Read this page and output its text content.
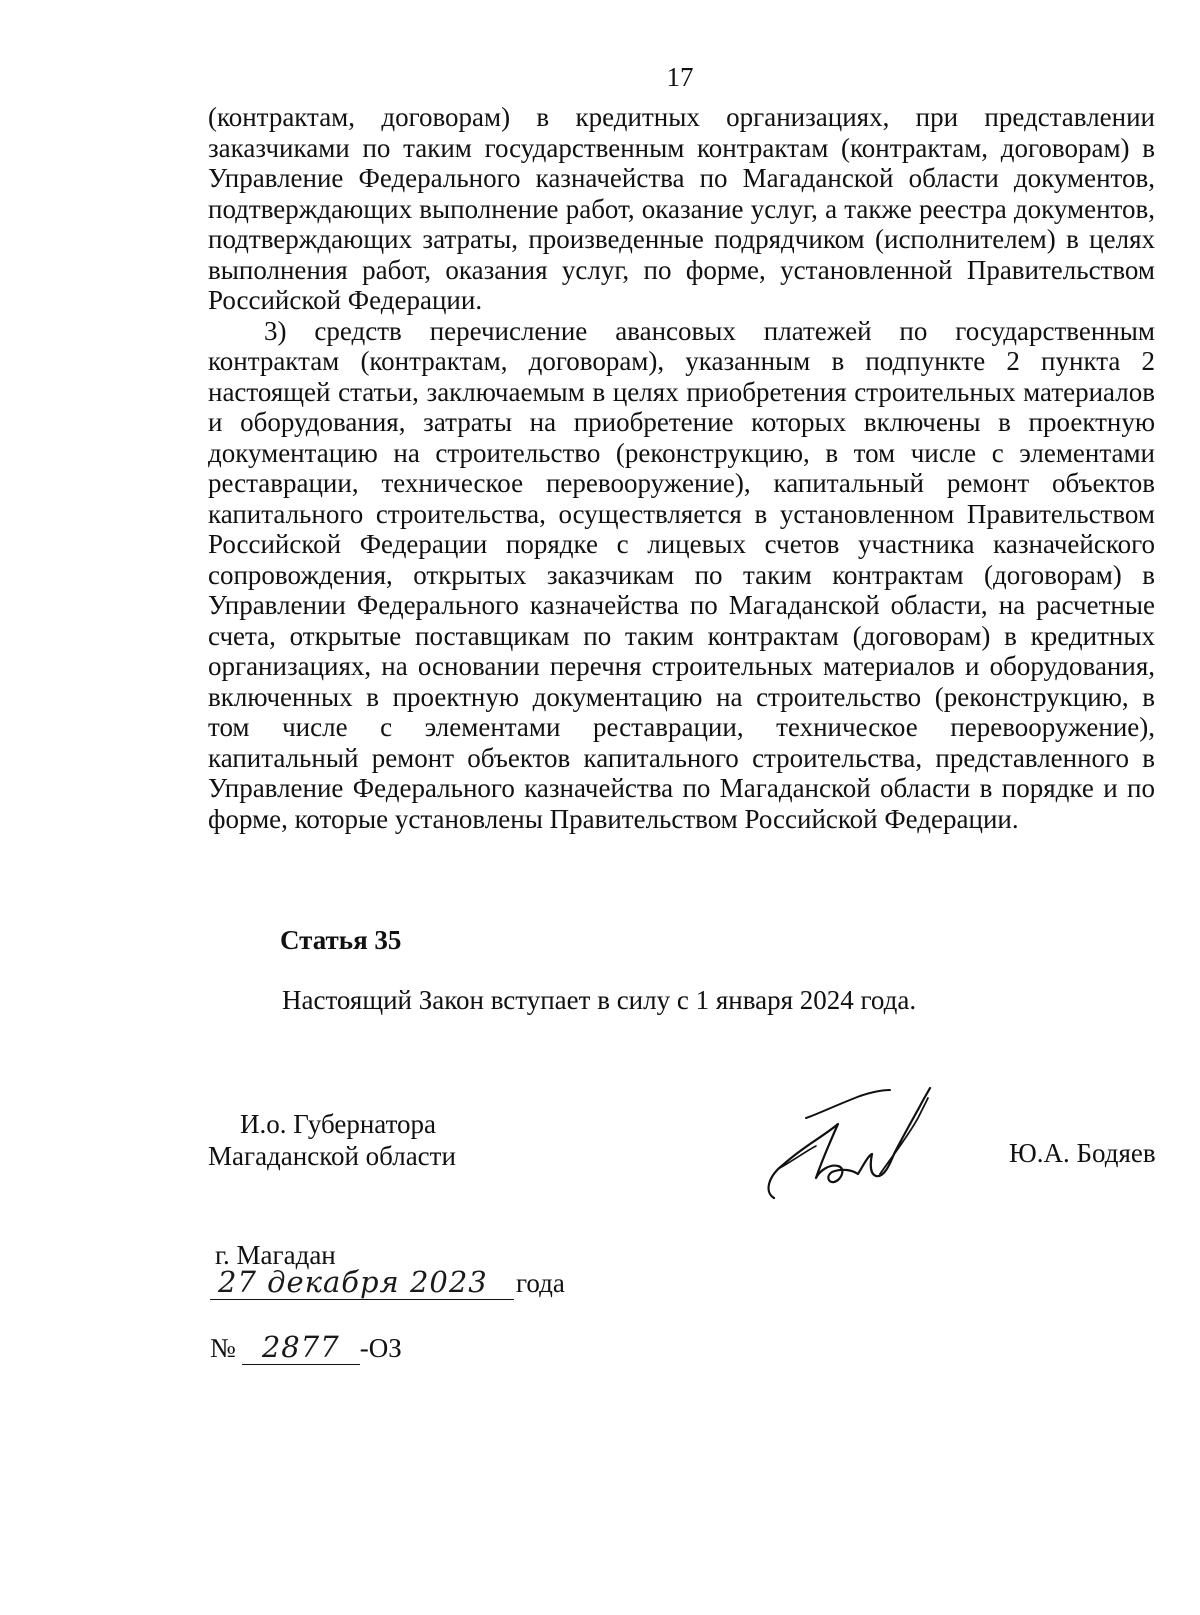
17

(контрактам, договорам) в кредитных организациях, при представлении заказчиками по таким государственным контрактам (контрактам, договорам) в Управление Федерального казначейства по Магаданской области документов, подтверждающих выполнение работ, оказание услуг, а также реестра документов, подтверждающих затраты, произведенные подрядчиком (исполнителем) в целях выполнения работ, оказания услуг, по форме, установленной Правительством Российской Федерации.

3) средств перечисление авансовых платежей по государственным контрактам (контрактам, договорам), указанным в подпункте 2 пункта 2 настоящей статьи, заключаемым в целях приобретения строительных материалов и оборудования, затраты на приобретение которых включены в проектную документацию на строительство (реконструкцию, в том числе с элементами реставрации, техническое перевооружение), капитальный ремонт объектов капитального строительства, осуществляется в установленном Правительством Российской Федерации порядке с лицевых счетов участника казначейского сопровождения, открытых заказчикам по таким контрактам (договорам) в Управлении Федерального казначейства по Магаданской области, на расчетные счета, открытые поставщикам по таким контрактам (договорам) в кредитных организациях, на основании перечня строительных материалов и оборудования, включенных в проектную документацию на строительство (реконструкцию, в том числе с элементами реставрации, техническое перевооружение), капитальный ремонт объектов капитального строительства, представленного в Управление Федерального казначейства по Магаданской области в порядке и по форме, которые установлены Правительством Российской Федерации.

Статья 35
Настоящий Закон вступает в силу с 1 января 2024 года.
И.о. Губернатора
Магаданской области	Ю.А. Бодяев
г. Магадан
27 декабря 2023	года
№ 2877 -ОЗ
